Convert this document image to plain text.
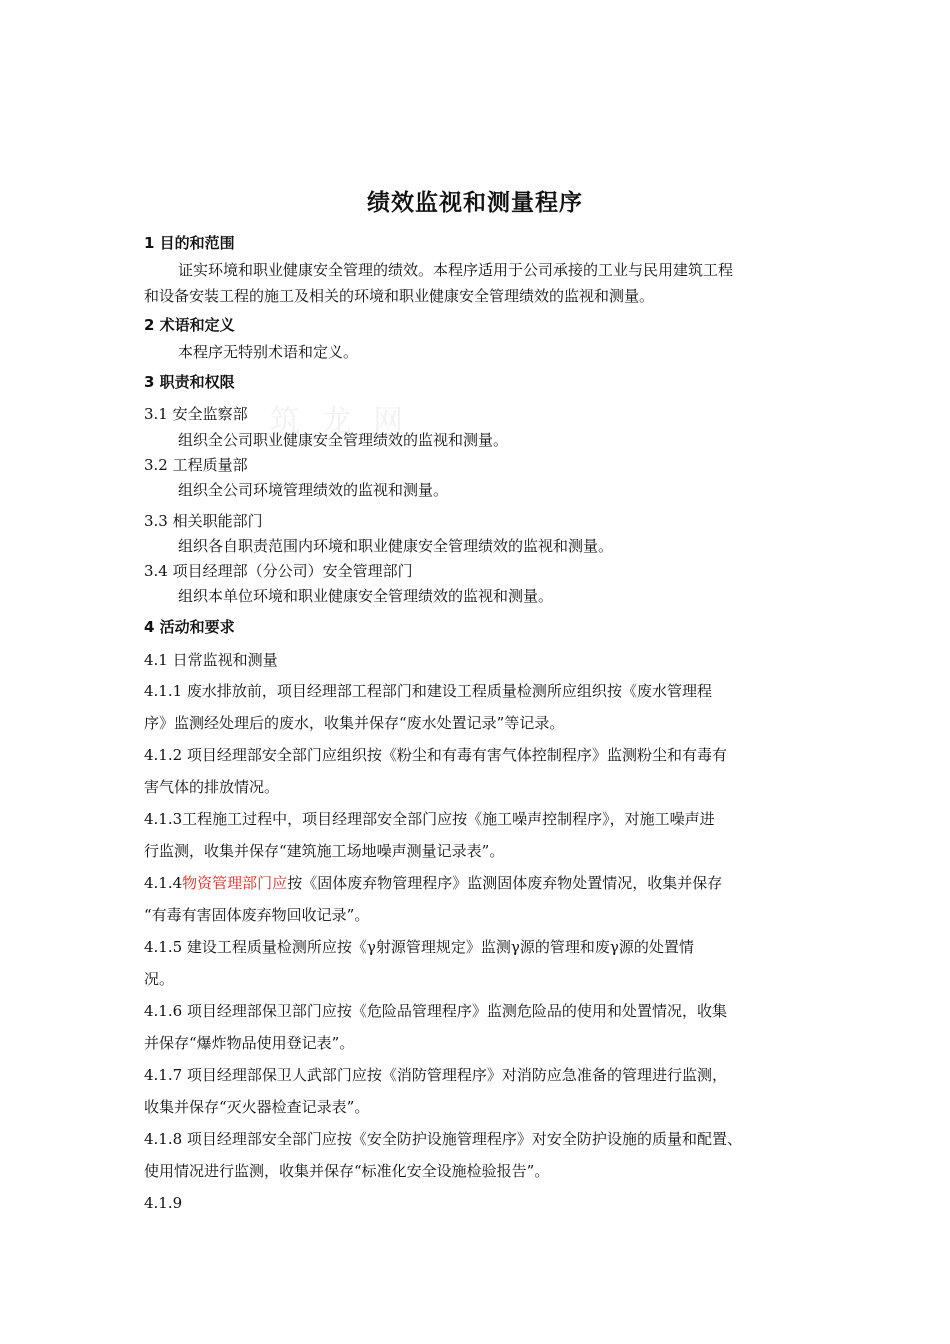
筑 龙 网
绩效监视和测量程序
1 目的和范围
证实环境和职业健康安全管理的绩效。本程序适用于公司承接的工业与民用建筑工程
和设备安装工程的施工及相关的环境和职业健康安全管理绩效的监视和测量。
2 术语和定义
本程序无特别术语和定义。
3 职责和权限
3.1 安全监察部
组织全公司职业健康安全管理绩效的监视和测量。
3.2 工程质量部
组织全公司环境管理绩效的监视和测量。
3.3 相关职能部门
组织各自职责范围内环境和职业健康安全管理绩效的监视和测量。
3.4 项目经理部（分公司）安全管理部门
组织本单位环境和职业健康安全管理绩效的监视和测量。
4 活动和要求
4.1 日常监视和测量
4.1.1 废水排放前，项目经理部工程部门和建设工程质量检测所应组织按《废水管理程
序》监测经处理后的废水，收集并保存“废水处置记录”等记录。
4.1.2 项目经理部安全部门应组织按《粉尘和有毒有害气体控制程序》监测粉尘和有毒有
害气体的排放情况。
4.1.3工程施工过程中，项目经理部安全部门应按《施工噪声控制程序》，对施工噪声进
行监测，收集并保存“建筑施工场地噪声测量记录表”。
4.1.4物资管理部门应按《固体废弃物管理程序》监测固体废弃物处置情况，收集并保存
“有毒有害固体废弃物回收记录”。
4.1.5 建设工程质量检测所应按《γ射源管理规定》监测γ源的管理和废γ源的处置情
况。
4.1.6 项目经理部保卫部门应按《危险品管理程序》监测危险品的使用和处置情况，收集
并保存“爆炸物品使用登记表”。
4.1.7 项目经理部保卫人武部门应按《消防管理程序》对消防应急准备的管理进行监测，
收集并保存“灭火器检查记录表”。
4.1.8 项目经理部安全部门应按《安全防护设施管理程序》对安全防护设施的质量和配置、
使用情况进行监测，收集并保存“标准化安全设施检验报告”。
4.1.9
